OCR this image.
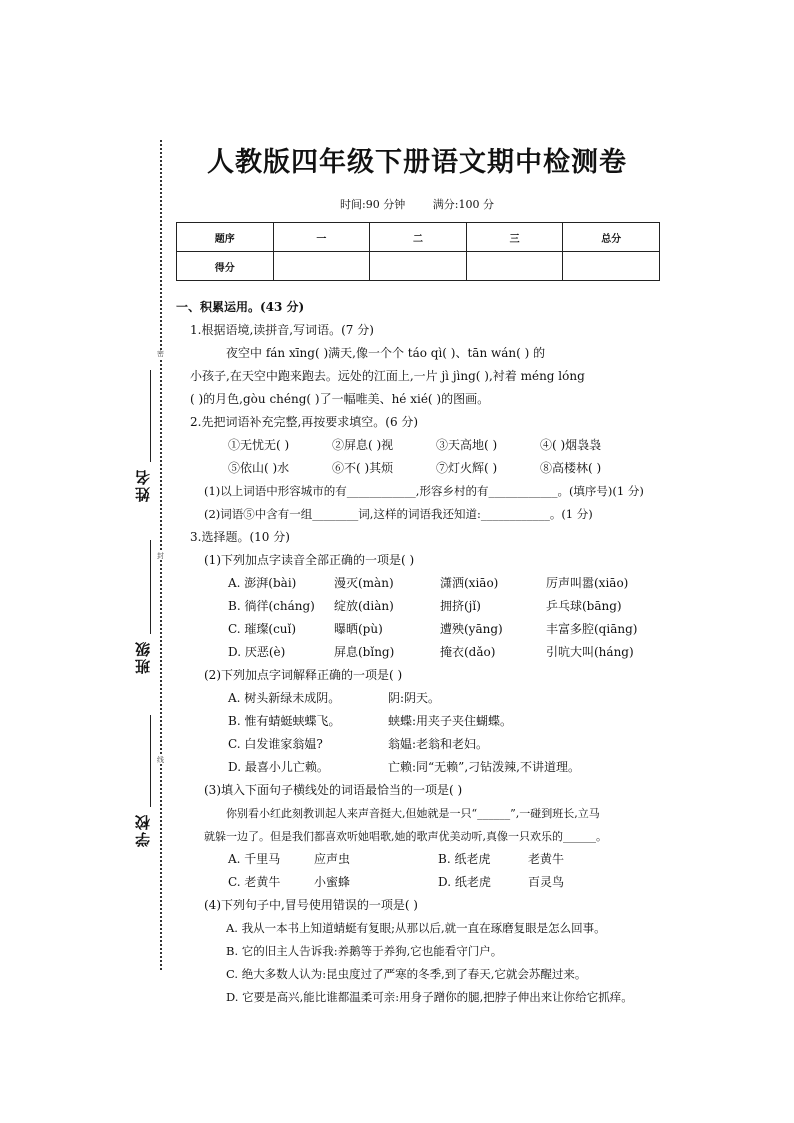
密
封
线
姓名
班级
学校
人教版四年级下册语文期中检测卷
时间:90 分钟	满分:100 分
题序	一	二	三	总分
得分				

一、积累运用。(43 分)

1.根据语境,读拼音,写词语。(7 分)

夜空中 fán xīng( )满天,像一个个 táo qì( )、tān wán( ) 的

小孩子,在天空中跑来跑去。远处的江面上,一片 jì jìng( ),衬着 méng lóng

( )的月色,gòu chéng( )了一幅唯美、hé xié( )的图画。

2.先把词语补充完整,再按要求填空。(6 分)

①无忧无( )	②屏息( )视	③天高地( )	④( )烟袅袅
⑤依山( )水	⑥不( )其烦	⑦灯火辉( )	⑧高楼林( )

(1)以上词语中形容城市的有____________,形容乡村的有____________。(填序号)(1 分)

(2)词语⑤中含有一组________词,这样的词语我还知道:____________。(1 分)

3.选择题。(10 分)

(1)下列加点字读音全部正确的一项是( )

A. 澎湃(bài)	漫灭(màn)	潇洒(xiāo)	厉声叫嚣(xiāo)
B. 徜徉(cháng)	绽放(diàn)	拥挤(jǐ)	乒乓球(bāng)
C. 璀璨(cuǐ)	曝晒(pù)	遭殃(yāng)	丰富多腔(qiāng)
D. 厌恶(è)	屏息(bǐng)	掩衣(dǎo)	引吭大叫(háng)

(2)下列加点字词解释正确的一项是( )

A. 树头新绿未成阴。	阴:阴天。
B. 惟有蜻蜓蛱蝶飞。	蛱蝶:用夹子夹住蝴蝶。
C. 白发谁家翁媪?	翁媪:老翁和老妇。
D. 最喜小儿亡赖。	亡赖:同“无赖”,刁钻泼辣,不讲道理。

(3)填入下面句子横线处的词语最恰当的一项是( )

你别看小红此刻教训起人来声音挺大,但她就是一只“______”,一碰到班长,立马

就躲一边了。但是我们都喜欢听她唱歌,她的歌声优美动听,真像一只欢乐的______。

A. 千里马	应声虫	B. 纸老虎	老黄牛
C. 老黄牛	小蜜蜂	D. 纸老虎	百灵鸟

(4)下列句子中,冒号使用错误的一项是( )

A. 我从一本书上知道蜻蜓有复眼;从那以后,就一直在琢磨复眼是怎么回事。

B. 它的旧主人告诉我:养鹅等于养狗,它也能看守门户。

C. 绝大多数人认为:昆虫度过了严寒的冬季,到了春天,它就会苏醒过来。

D. 它要是高兴,能比谁都温柔可亲:用身子蹭你的腿,把脖子伸出来让你给它抓痒。
